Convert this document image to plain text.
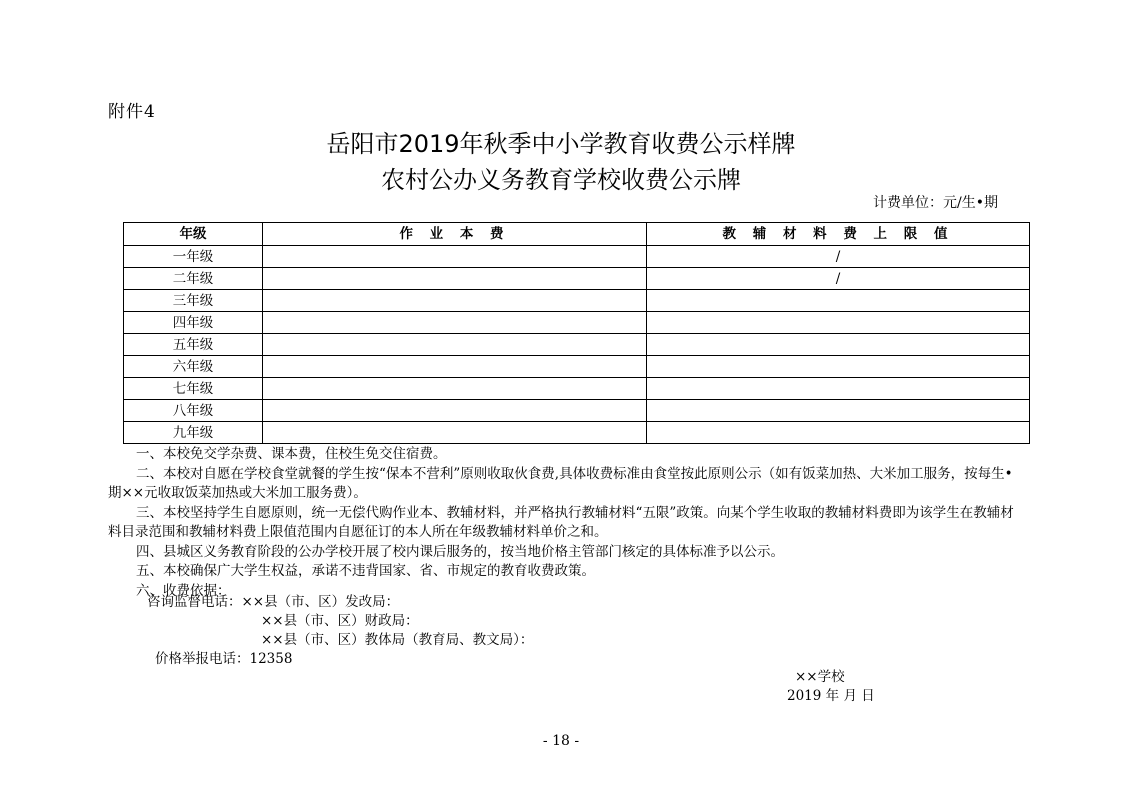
附件4
岳阳市2019年秋季中小学教育收费公示样牌
农村公办义务教育学校收费公示牌
计费单位：元/生•期
年级	作 业 本 费	教 辅 材 料 费 上 限 值
一年级		/
二年级		/
三年级		
四年级		
五年级		
六年级		
七年级		
八年级		
九年级		

一、本校免交学杂费、课本费，住校生免交住宿费。

二、本校对自愿在学校食堂就餐的学生按“保本不营利”原则收取伙食费,具体收费标准由食堂按此原则公示（如有饭菜加热、大米加工服务，按每生•期××元收取饭菜加热或大米加工服务费）。

三、本校坚持学生自愿原则，统一无偿代购作业本、教辅材料，并严格执行教辅材料“五限”政策。向某个学生收取的教辅材料费即为该学生在教辅材料目录范围和教辅材料费上限值范围内自愿征订的本人所在年级教辅材料单价之和。

四、县城区义务教育阶段的公办学校开展了校内课后服务的，按当地价格主管部门核定的具体标准予以公示。

五、本校确保广大学生权益，承诺不违背国家、省、市规定的教育收费政策。

六、收费依据：

咨询监督电话：××县（市、区）发改局：

××县（市、区）财政局：

××县（市、区）教体局（教育局、教文局）：

价格举报电话：12358

××学校

2019 年 月 日

- 18 -
